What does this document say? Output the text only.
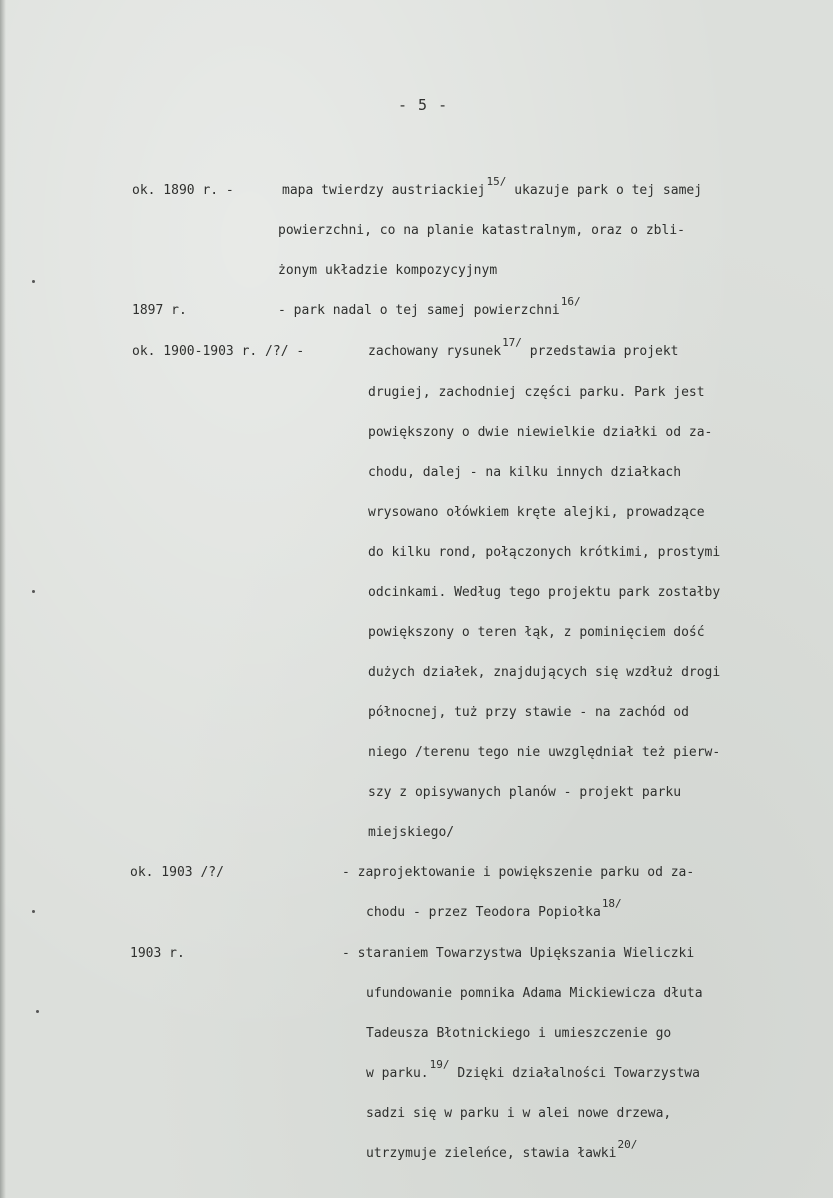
- 5 -
ok. 1890 r. -	mapa twierdzy austriackiej$^{15/}$ ukazuje park o tej samej
powierzchni, co na planie katastralnym, oraz o zbli-
żonym układzie kompozycyjnym
1897 r.	- park nadal o tej samej powierzchni$^{16/}$
ok. 1900-1903 r. /?/ -	zachowany rysunek$^{17/}$ przedstawia projekt
drugiej, zachodniej części parku. Park jest
powiększony o dwie niewielkie działki od za-
chodu, dalej - na kilku innych działkach
wrysowano ołówkiem kręte alejki, prowadzące
do kilku rond, połączonych krótkimi, prostymi
odcinkami. Według tego projektu park zostałby
powiększony o teren łąk, z pominięciem dość
dużych działek, znajdujących się wzdłuż drogi
północnej, tuż przy stawie - na zachód od
niego /terenu tego nie uwzględniał też pierw-
szy z opisywanych planów - projekt parku
miejskiego/
ok. 1903 /?/	- zaprojektowanie i powiększenie parku od za-
chodu - przez Teodora Popiołka$^{18/}$
1903 r.	- staraniem Towarzystwa Upiększania Wieliczki
ufundowanie pomnika Adama Mickiewicza dłuta
Tadeusza Błotnickiego i umieszczenie go
w parku.$^{19/}$ Dzięki działalności Towarzystwa
sadzi się w parku i w alei nowe drzewa,
utrzymuje zieleńce, stawia ławki$^{20/}$
